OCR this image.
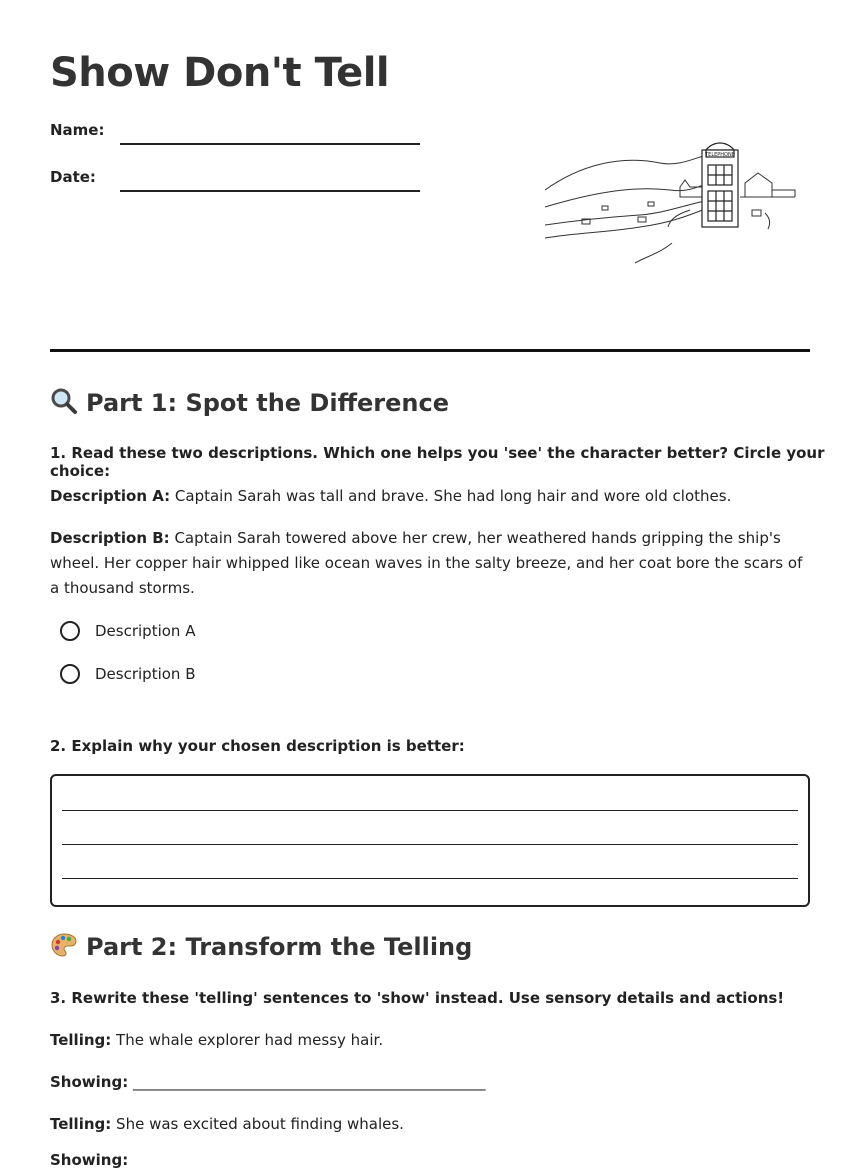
Show Don't Tell
Name:
Date:
TELEPHONE
Part 1: Spot the Difference
1. Read these two descriptions. Which one helps you 'see' the character better? Circle your choice:
Description A: Captain Sarah was tall and brave. She had long hair and wore old clothes.
Description B: Captain Sarah towered above her crew, her weathered hands gripping the ship's wheel. Her copper hair whipped like ocean waves in the salty breeze, and her coat bore the scars of a thousand storms.
Description A
Description B
2. Explain why your chosen description is better:
Part 2: Transform the Telling
3. Rewrite these 'telling' sentences to 'show' instead. Use sensory details and actions!
Telling: The whale explorer had messy hair.
Showing: _______________________________________________
Telling: She was excited about finding whales.
Showing:
